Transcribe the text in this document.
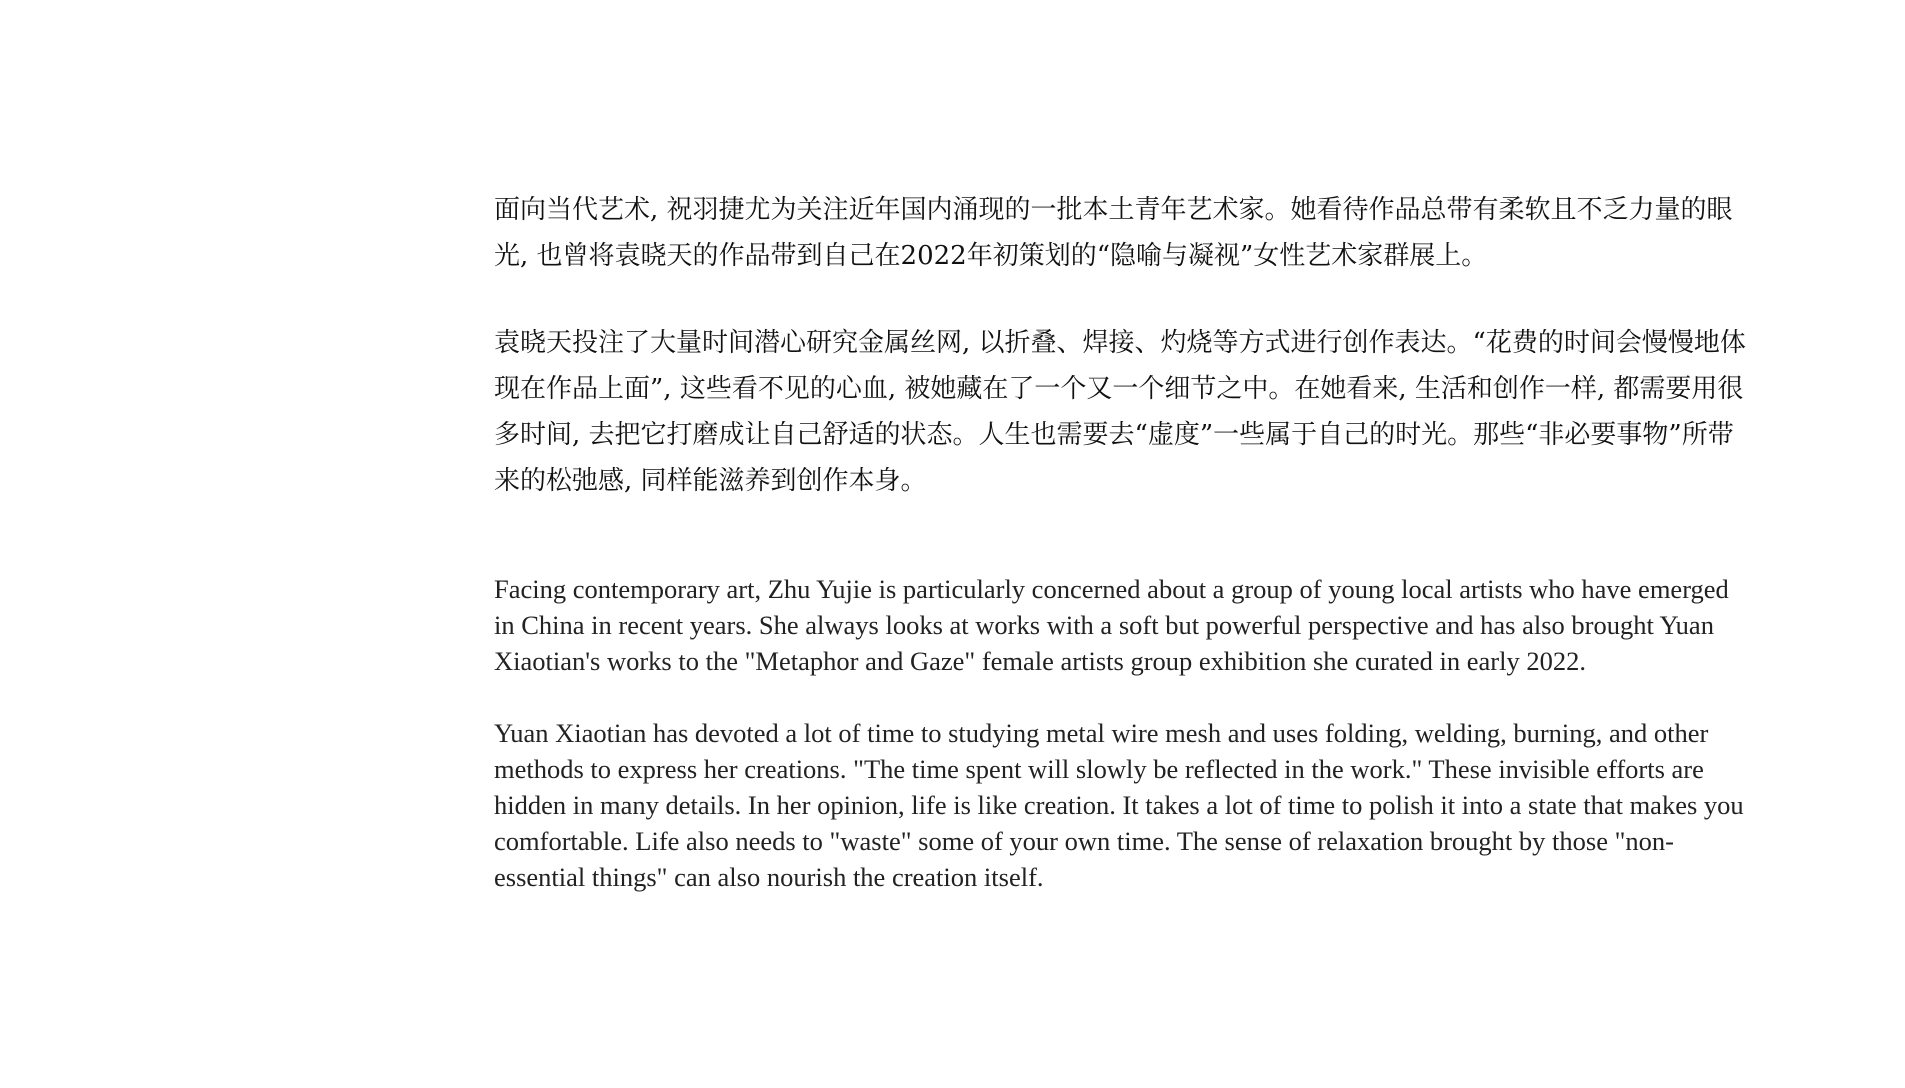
面向当代艺术, 祝羽捷尤为关注近年国内涌现的一批本土青年艺术家。她看待作品总带有柔软且不乏力量的眼光, 也曾将袁晓天的作品带到自己在2022年初策划的“隐喻与凝视”女性艺术家群展上。

袁晓天投注了大量时间潜心研究金属丝网, 以折叠、焊接、灼烧等方式进行创作表达。“花费的时间会慢慢地体现在作品上面”, 这些看不见的心血, 被她藏在了一个又一个细节之中。在她看来, 生活和创作一样, 都需要用很多时间, 去把它打磨成让自己舒适的状态。人生也需要去“虚度”一些属于自己的时光。那些“非必要事物”所带来的松弛感, 同样能滋养到创作本身。

Facing contemporary art, Zhu Yujie is particularly concerned about a group of young local artists who have emerged in China in recent years. She always looks at works with a soft but powerful perspective and has also brought Yuan Xiaotian's works to the "Metaphor and Gaze" female artists group exhibition she curated in early 2022.

Yuan Xiaotian has devoted a lot of time to studying metal wire mesh and uses folding, welding, burning, and other methods to express her creations. "The time spent will slowly be reflected in the work." These invisible efforts are hidden in many details. In her opinion, life is like creation. It takes a lot of time to polish it into a state that makes you comfortable. Life also needs to "waste" some of your own time. The sense of relaxation brought by those "non-essential things" can also nourish the creation itself.
